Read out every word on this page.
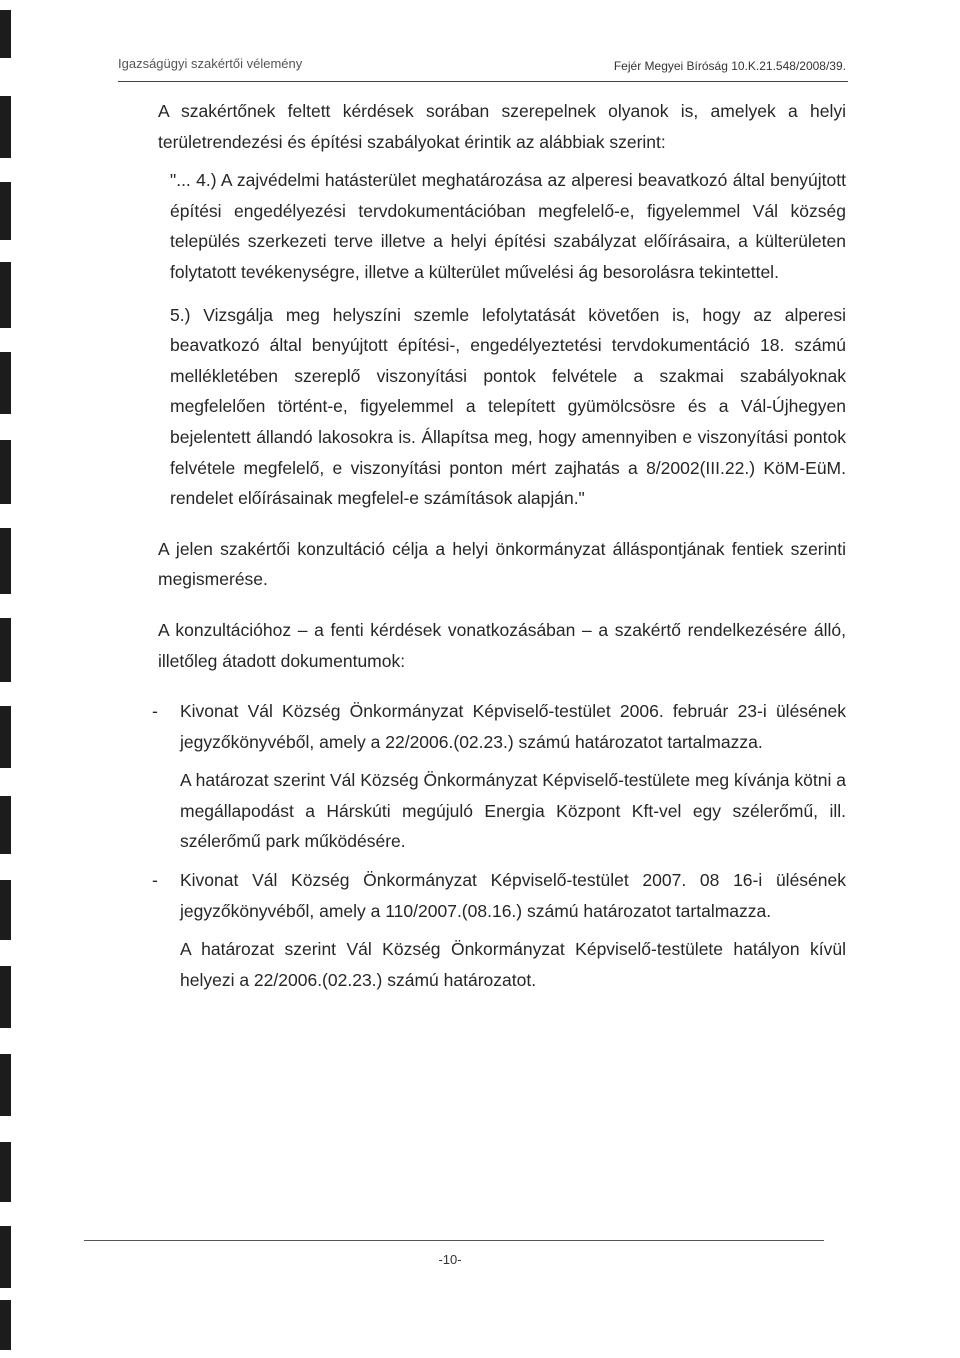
Igazságügyi szakértői vélemény	Fejér Megyei Bíróság 10.K.21.548/2008/39.

A szakértőnek feltett kérdések sorában szerepelnek olyanok is, amelyek a helyi területrendezési és építési szabályokat érintik az alábbiak szerint:

"... 4.) A zajvédelmi hatásterület meghatározása az alperesi beavatkozó által benyújtott építési engedélyezési tervdokumentációban megfelelő-e, figyelemmel Vál község település szerkezeti terve illetve a helyi építési szabályzat előírásaira, a külterületen folytatott tevékenységre, illetve a külterület művelési ág besorolásra tekintettel.

5.) Vizsgálja meg helyszíni szemle lefolytatását követően is, hogy az alperesi beavatkozó által benyújtott építési-, engedélyeztetési tervdokumentáció 18. számú mellékletében szereplő viszonyítási pontok felvétele a szakmai szabályoknak megfelelően történt-e, figyelemmel a telepített gyümölcsösre és a Vál-Újhegyen bejelentett állandó lakosokra is. Állapítsa meg, hogy amennyiben e viszonyítási pontok felvétele megfelelő, e viszonyítási ponton mért zajhatás a 8/2002(III.22.) KöM-EüM. rendelet előírásainak megfelel-e számítások alapján."

A jelen szakértői konzultáció célja a helyi önkormányzat álláspontjának fentiek szerinti megismerése.

A konzultációhoz – a fenti kérdések vonatkozásában – a szakértő rendelkezésére álló, illetőleg átadott dokumentumok:

- Kivonat Vál Község Önkormányzat Képviselő-testület 2006. február 23-i ülésének jegyzőkönyvéből, amely a 22/2006.(02.23.) számú határozatot tartalmazza.

A határozat szerint Vál Község Önkormányzat Képviselő-testülete meg kívánja kötni a megállapodást a Hárskúti megújuló Energia Központ Kft-vel egy szélerőmű, ill. szélerőmű park működésére.

- Kivonat Vál Község Önkormányzat Képviselő-testület 2007. 08 16-i ülésének jegyzőkönyvéből, amely a 110/2007.(08.16.) számú határozatot tartalmazza.

A határozat szerint Vál Község Önkormányzat Képviselő-testülete hatályon kívül helyezi a 22/2006.(02.23.) számú határozatot.

-10-
